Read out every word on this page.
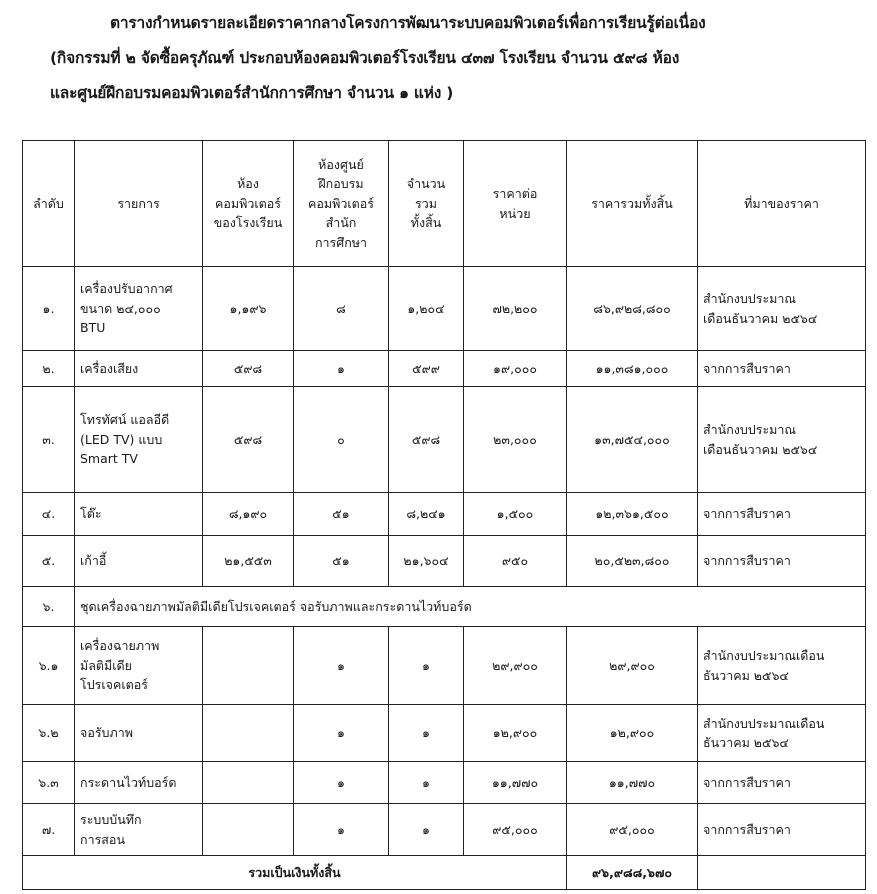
ตารางกำหนดรายละเอียดราคากลางโครงการพัฒนาระบบคอมพิวเตอร์เพื่อการเรียนรู้ต่อเนื่อง
(กิจกรรมที่ ๒ จัดซื้อครุภัณฑ์ ประกอบห้องคอมพิวเตอร์โรงเรียน ๔๓๗ โรงเรียน จำนวน ๕๙๘ ห้อง
และศูนย์ฝึกอบรมคอมพิวเตอร์สำนักการศึกษา จำนวน ๑ แห่ง )
ลำดับ	รายการ	ห้อง
คอมพิวเตอร์
ของโรงเรียน	ห้องศูนย์
ฝึกอบรม
คอมพิวเตอร์
สำนัก
การศึกษา	จำนวน
รวม
ทั้งสิ้น	ราคาต่อ
หน่วย	ราคารวมทั้งสิ้น	ที่มาของราคา
๑.	เครื่องปรับอากาศ
ขนาด ๒๔,๐๐๐
BTU	๑,๑๙๖	๘	๑,๒๐๔	๗๒,๒๐๐	๘๖,๙๒๘,๘๐๐	สำนักงบประมาณ
เดือนธันวาคม ๒๕๖๔
๒.	เครื่องเสียง	๕๙๘	๑	๕๙๙	๑๙,๐๐๐	๑๑,๓๘๑,๐๐๐	จากการสืบราคา
๓.	โทรทัศน์ แอลอีดี
(LED TV) แบบ
Smart TV	๕๙๘	๐	๕๙๘	๒๓,๐๐๐	๑๓,๗๕๔,๐๐๐	สำนักงบประมาณ
เดือนธันวาคม ๒๕๖๔
๔.	โต๊ะ	๘,๑๙๐	๕๑	๘,๒๔๑	๑,๕๐๐	๑๒,๓๖๑,๕๐๐	จากการสืบราคา
๕.	เก้าอี้	๒๑,๕๕๓	๕๑	๒๑,๖๐๔	๙๕๐	๒๐,๕๒๓,๘๐๐	จากการสืบราคา
๖.	ชุดเครื่องฉายภาพมัลติมีเดียโปรเจคเตอร์ จอรับภาพและกระดานไวท์บอร์ด						
๖.๑	เครื่องฉายภาพ
มัลติมีเดีย
โปรเจคเตอร์		๑	๑	๒๙,๙๐๐	๒๙,๙๐๐	สำนักงบประมาณเดือน
ธันวาคม ๒๕๖๔
๖.๒	จอรับภาพ		๑	๑	๑๒,๙๐๐	๑๒,๙๐๐	สำนักงบประมาณเดือน
ธันวาคม ๒๕๖๔
๖.๓	กระดานไวท์บอร์ด		๑	๑	๑๑,๗๗๐	๑๑,๗๗๐	จากการสืบราคา
๗.	ระบบบันทึก
การสอน		๑	๑	๙๕,๐๐๐	๙๕,๐๐๐	จากการสืบราคา
รวมเป็นเงินทั้งสิ้น						๙๖,๙๘๘,๖๗๐	
